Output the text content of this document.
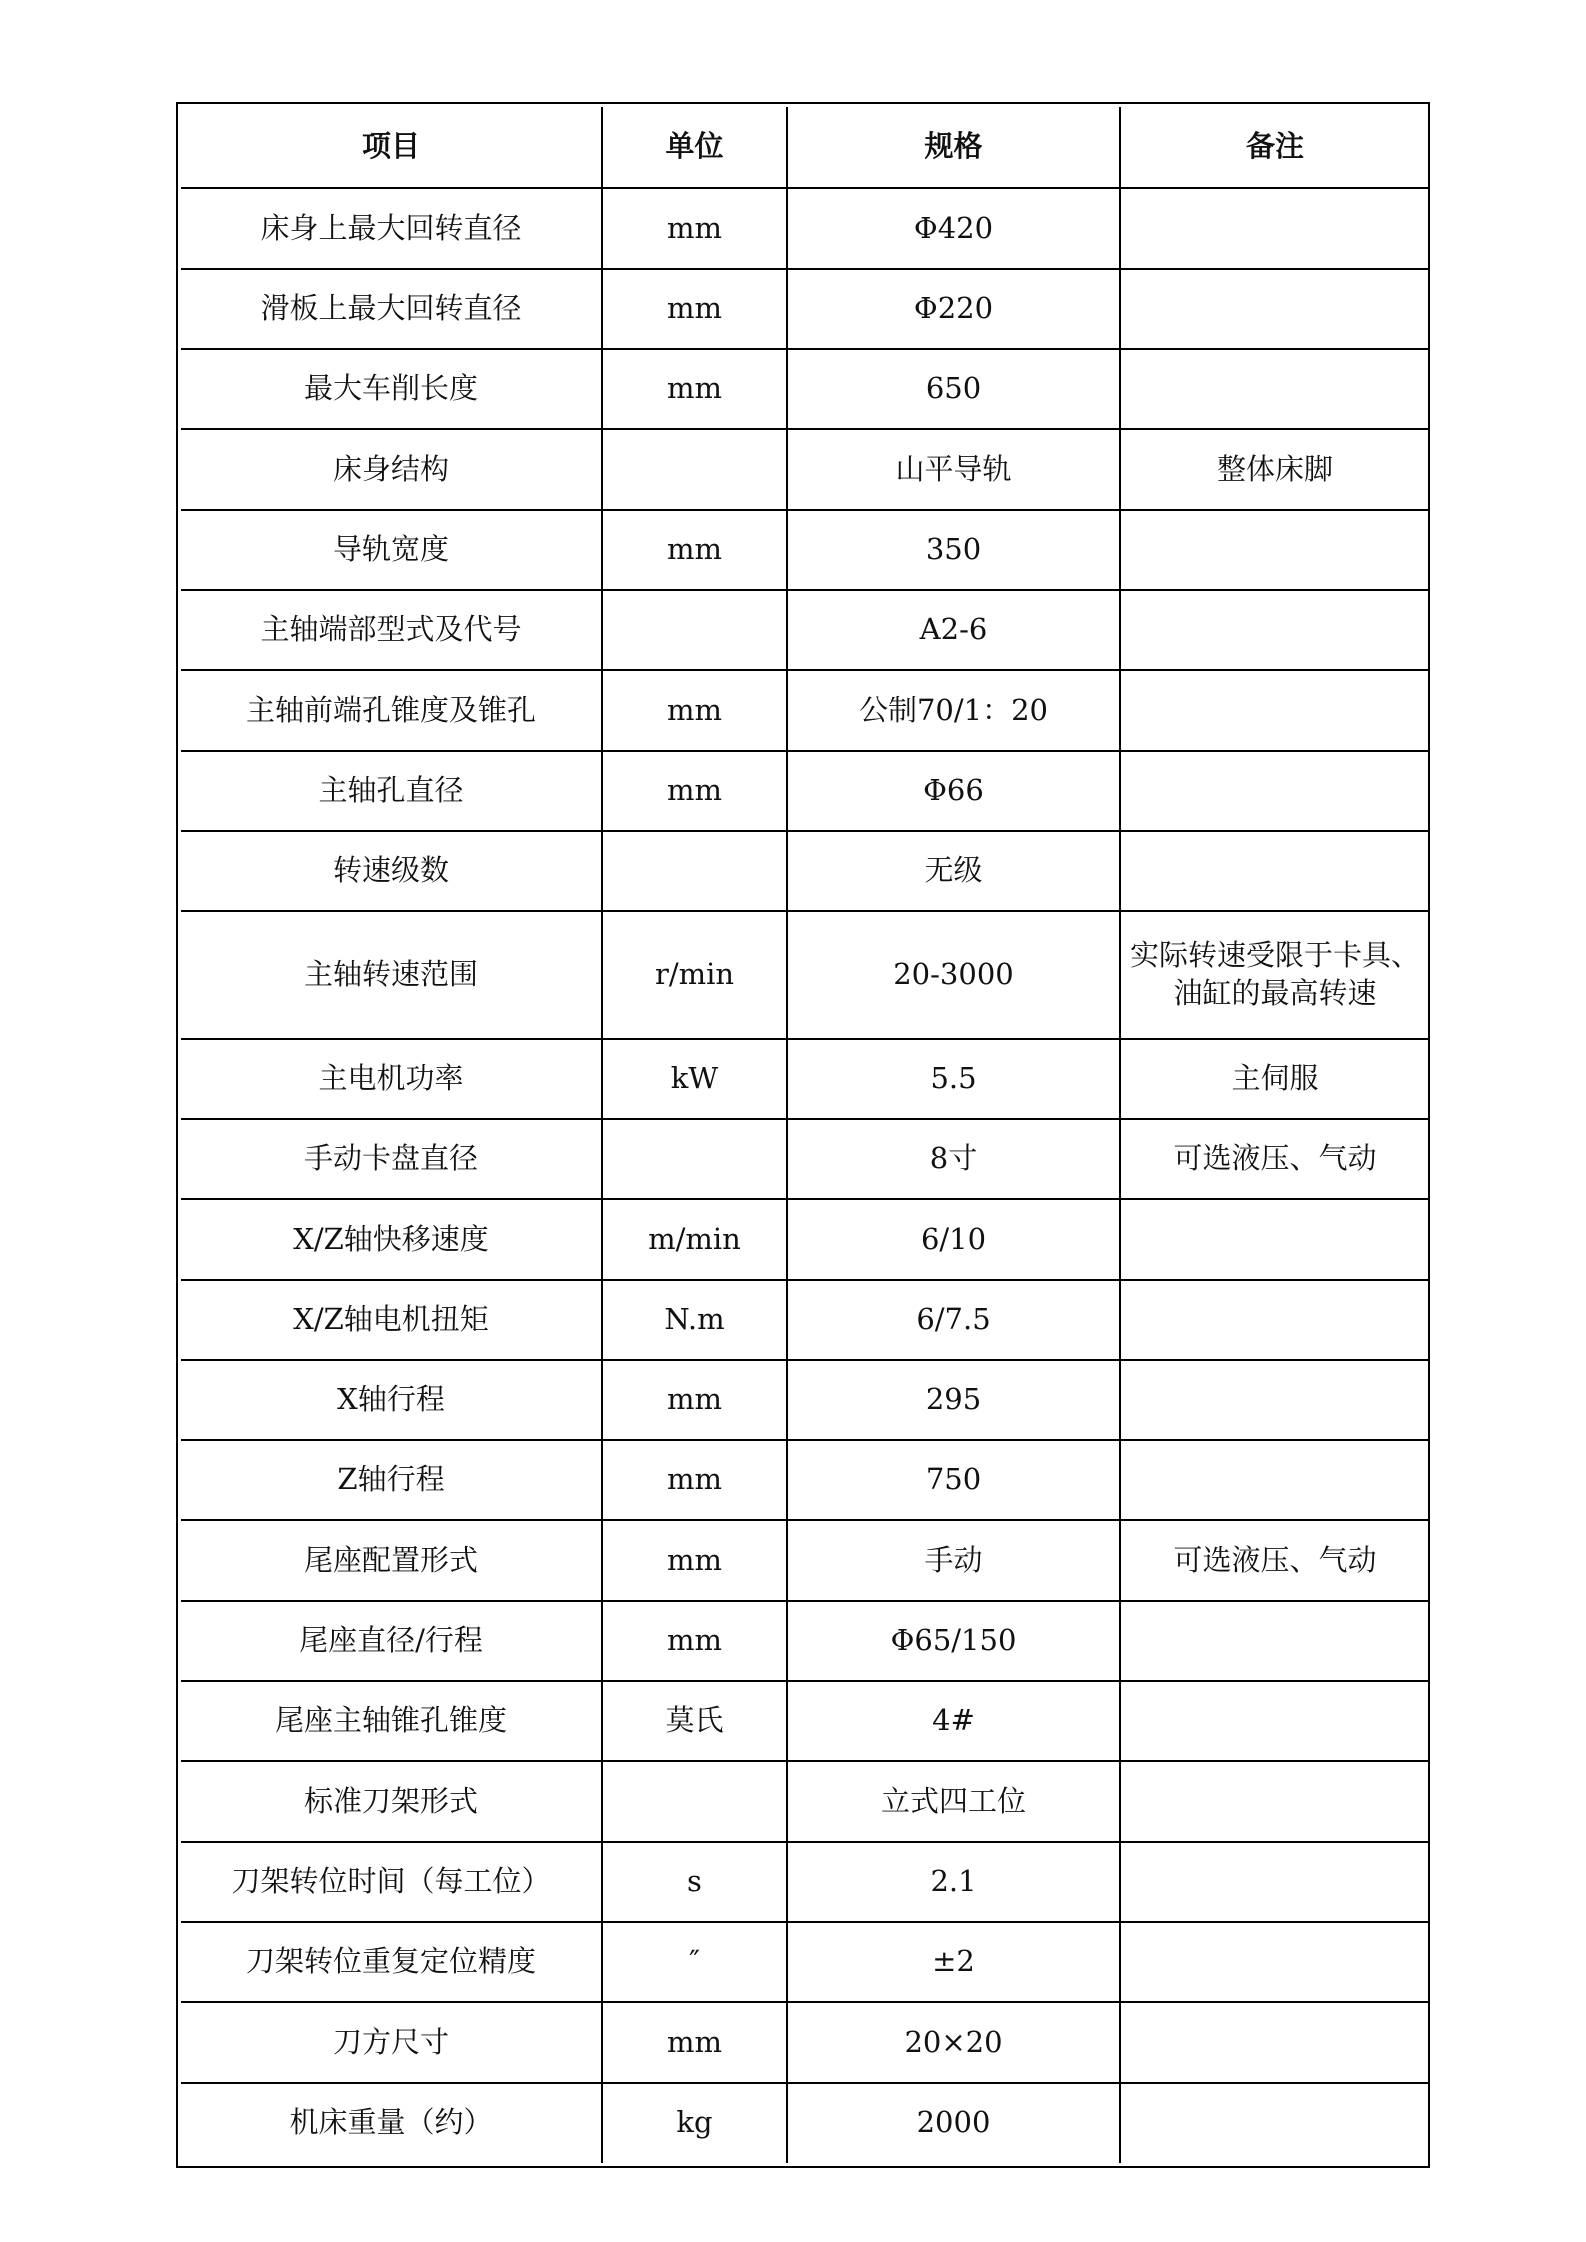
项目	单位	规格	备注
床身上最大回转直径	mm	Φ420	
滑板上最大回转直径	mm	Φ220	
最大车削长度	mm	650	
床身结构		山平导轨	整体床脚
导轨宽度	mm	350	
主轴端部型式及代号		A2-6	
主轴前端孔锥度及锥孔	mm	公制70/1：20	
主轴孔直径	mm	Φ66	
转速级数		无级	
主轴转速范围	r/min	20-3000	实际转速受限于卡具、
油缸的最高转速

主电机功率	kW	5.5	主伺服
手动卡盘直径		8寸	可选液压、气动
X/Z轴快移速度	m/min	6/10	
X/Z轴电机扭矩	N.m	6/7.5	
X轴行程	mm	295	
Z轴行程	mm	750	
尾座配置形式	mm	手动	可选液压、气动
尾座直径/行程	mm	Φ65/150	
尾座主轴锥孔锥度	莫氏	4#	
标准刀架形式		立式四工位	
刀架转位时间（每工位）	s	2.1	
刀架转位重复定位精度	″	±2	
刀方尺寸	mm	20×20	
机床重量（约）	kg	2000	
